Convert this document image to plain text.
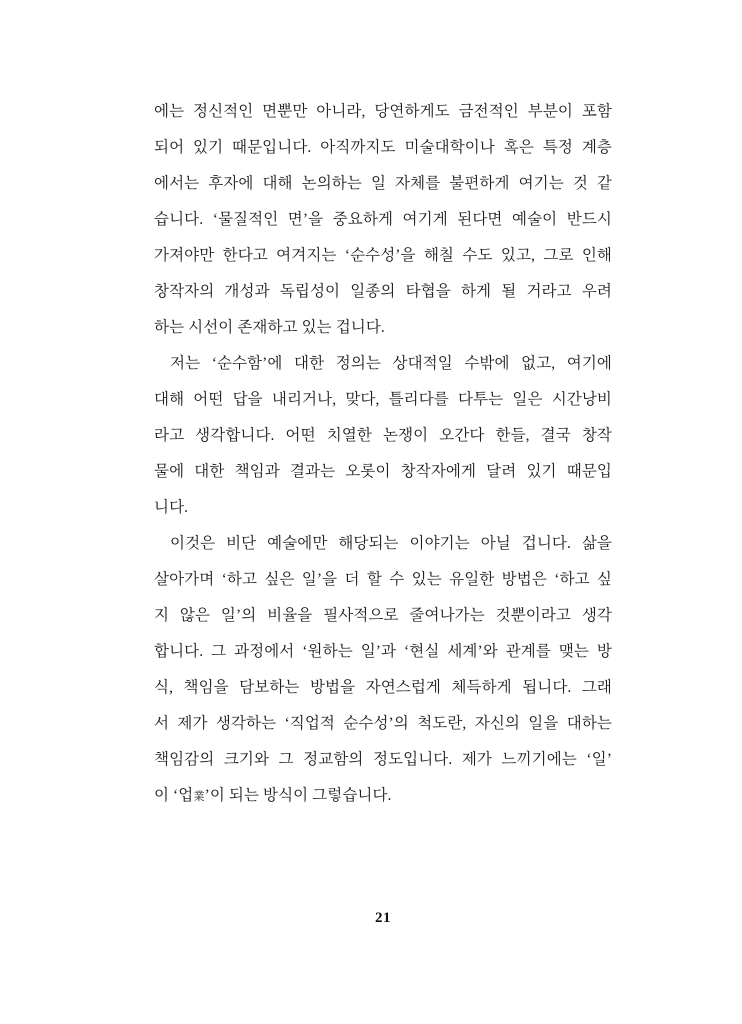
에는 정신적인 면뿐만 아니라, 당연하게도 금전적인 부분이 포함
되어 있기 때문입니다. 아직까지도 미술대학이나 혹은 특정 계층
에서는 후자에 대해 논의하는 일 자체를 불편하게 여기는 것 같
습니다. ‘물질적인 면’을 중요하게 여기게 된다면 예술이 반드시
가져야만 한다고 여겨지는 ‘순수성’을 해칠 수도 있고, 그로 인해
창작자의 개성과 독립성이 일종의 타협을 하게 될 거라고 우려
하는 시선이 존재하고 있는 겁니다.
저는 ‘순수함’에 대한 정의는 상대적일 수밖에 없고, 여기에
대해 어떤 답을 내리거나, 맞다, 틀리다를 다투는 일은 시간낭비
라고 생각합니다. 어떤 치열한 논쟁이 오간다 한들, 결국 창작
물에 대한 책임과 결과는 오롯이 창작자에게 달려 있기 때문입
니다.
이것은 비단 예술에만 해당되는 이야기는 아닐 겁니다. 삶을
살아가며 ‘하고 싶은 일’을 더 할 수 있는 유일한 방법은 ‘하고 싶
지 않은 일’의 비율을 필사적으로 줄여나가는 것뿐이라고 생각
합니다. 그 과정에서 ‘원하는 일’과 ‘현실 세계’와 관계를 맺는 방
식, 책임을 담보하는 방법을 자연스럽게 체득하게 됩니다. 그래
서 제가 생각하는 ‘직업적 순수성’의 척도란, 자신의 일을 대하는
책임감의 크기와 그 정교함의 정도입니다. 제가 느끼기에는 ‘일’
이 ‘업業’이 되는 방식이 그렇습니다.
21
